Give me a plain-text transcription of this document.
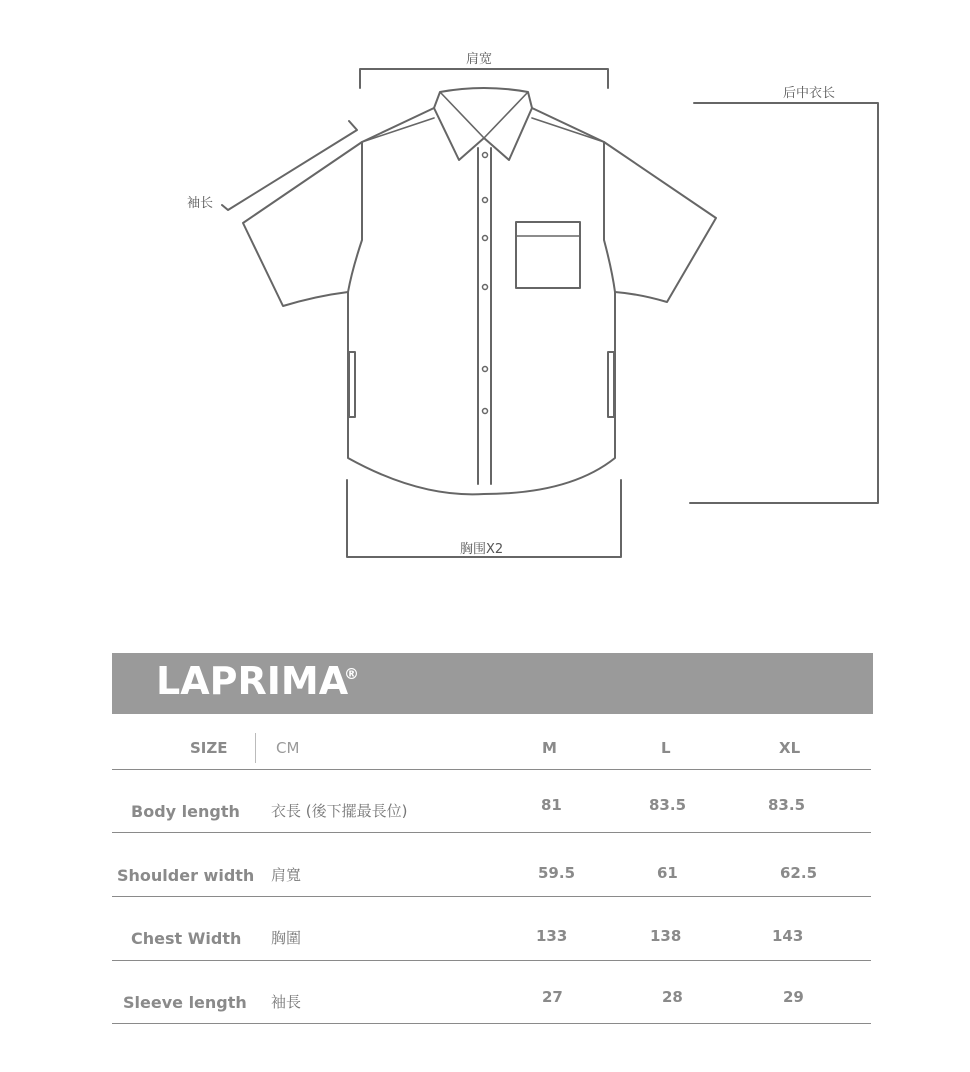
肩宽
后中衣长
袖长
胸围X2
LAPRIMA
®
SIZE	CM	M	L	XL
Body length 衣長 (後下擺最長位)	81	83.5	83.5
Shoulder width 肩寬	59.5	61	62.5
Chest Width 胸圍	133	138	143
Sleeve length 袖長	27	28	29
